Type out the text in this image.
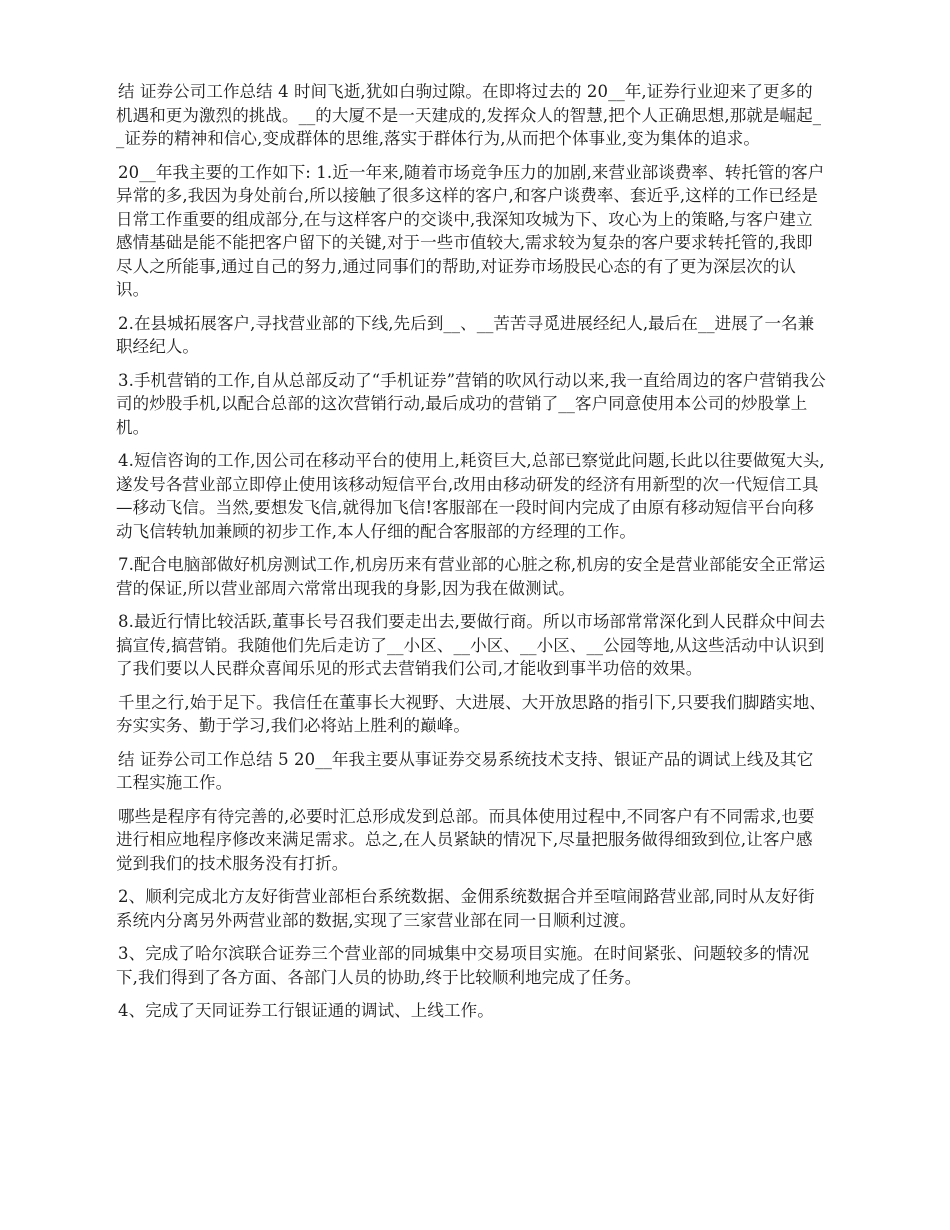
结 证券公司工作总结 4 时间飞逝,犹如白驹过隙。在即将过去的 20__年,证券行业迎来了更多的机遇和更为激烈的挑战。__的大厦不是一天建成的,发挥众人的智慧,把个人正确思想,那就是崛起__证券的精神和信心,变成群体的思维,落实于群体行为,从而把个体事业,变为集体的追求。

20__年我主要的工作如下: 1.近一年来,随着市场竞争压力的加剧,来营业部谈费率、转托管的客户异常的多,我因为身处前台,所以接触了很多这样的客户,和客户谈费率、套近乎,这样的工作已经是日常工作重要的组成部分,在与这样客户的交谈中,我深知攻城为下、攻心为上的策略,与客户建立感情基础是能不能把客户留下的关键,对于一些市值较大,需求较为复杂的客户要求转托管的,我即尽人之所能事,通过自己的努力,通过同事们的帮助,对证券市场股民心态的有了更为深层次的认识。

2.在县城拓展客户,寻找营业部的下线,先后到__、__苦苦寻觅进展经纪人,最后在__进展了一名兼职经纪人。

3.手机营销的工作,自从总部反动了“手机证券”营销的吹风行动以来,我一直给周边的客户营销我公司的炒股手机,以配合总部的这次营销行动,最后成功的营销了__客户同意使用本公司的炒股掌上机。

4.短信咨询的工作,因公司在移动平台的使用上,耗资巨大,总部已察觉此问题,长此以往要做冤大头,遂发号各营业部立即停止使用该移动短信平台,改用由移动研发的经济有用新型的次一代短信工具—移动飞信。当然,要想发飞信,就得加飞信!客服部在一段时间内完成了由原有移动短信平台向移动飞信转轨加兼顾的初步工作,本人仔细的配合客服部的方经理的工作。

7.配合电脑部做好机房测试工作,机房历来有营业部的心脏之称,机房的安全是营业部能安全正常运营的保证,所以营业部周六常常出现我的身影,因为我在做测试。

8.最近行情比较活跃,董事长号召我们要走出去,要做行商。所以市场部常常深化到人民群众中间去搞宣传,搞营销。我随他们先后走访了__小区、__小区、__小区、__公园等地,从这些活动中认识到了我们要以人民群众喜闻乐见的形式去营销我们公司,才能收到事半功倍的效果。

千里之行,始于足下。我信任在董事长大视野、大进展、大开放思路的指引下,只要我们脚踏实地、夯实实务、勤于学习,我们必将站上胜利的巅峰。

结 证券公司工作总结 5 20__年我主要从事证券交易系统技术支持、银证产品的调试上线及其它工程实施工作。

哪些是程序有待完善的,必要时汇总形成发到总部。而具体使用过程中,不同客户有不同需求,也要进行相应地程序修改来满足需求。总之,在人员紧缺的情况下,尽量把服务做得细致到位,让客户感觉到我们的技术服务没有打折。

2、顺利完成北方友好街营业部柜台系统数据、金佣系统数据合并至喧闹路营业部,同时从友好街系统内分离另外两营业部的数据,实现了三家营业部在同一日顺利过渡。

3、完成了哈尔滨联合证券三个营业部的同城集中交易项目实施。在时间紧张、问题较多的情况下,我们得到了各方面、各部门人员的协助,终于比较顺利地完成了任务。

4、完成了天同证券工行银证通的调试、上线工作。
